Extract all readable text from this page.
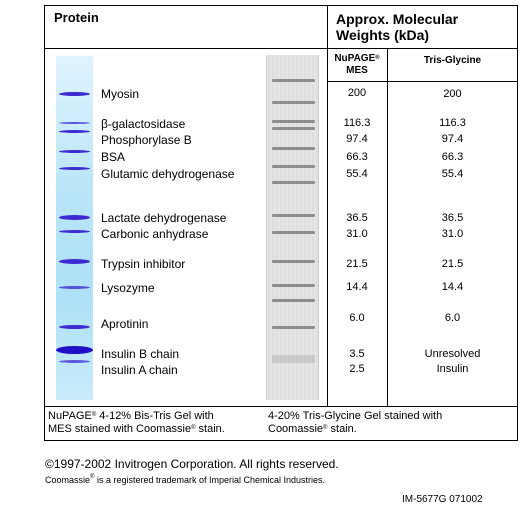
Protein	Approx. Molecular
Weights (kDa)
NuPAGE®
MES
Tris-Glycine
Myosin
β-galactosidase
Phosphorylase B
BSA
Glutamic dehydrogenase
Lactate dehydrogenase
Carbonic anhydrase
Trypsin inhibitor
Lysozyme
Aprotinin
Insulin B chain
Insulin A chain
200
116.3
97.4
66.3
55.4
36.5
31.0
21.5
14.4
6.0
3.5
2.5
200
116.3
97.4
66.3
55.4
36.5
31.0
21.5
14.4
6.0
Unresolved
Insulin
NuPAGE® 4-12% Bis-Tris Gel with
MES stained with Coomassie® stain.
4-20% Tris-Glycine Gel stained with
Coomassie® stain.
©1997-2002 Invitrogen Corporation. All rights reserved.
Coomassie® is a registered trademark of Imperial Chemical Industries.
IM-5677G 071002
